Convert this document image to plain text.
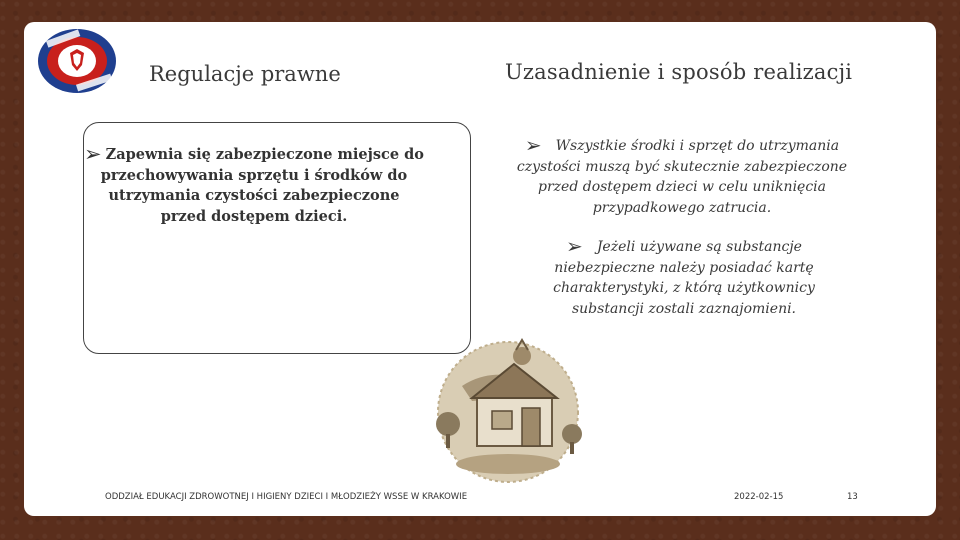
Regulacje prawne	Uzasadnienie i sposób realizacji
➢ Zapewnia się zabezpieczone miejsce do przechowywania sprzętu i środków do utrzymania czystości zabezpieczone przed dostępem dzieci.
➢ Wszystkie środki i sprzęt do utrzymania czystości muszą być skutecznie zabezpieczone przed dostępem dzieci w celu uniknięcia przypadkowego zatrucia.
➢ Jeżeli używane są substancje niebezpieczne należy posiadać kartę charakterystyki, z którą użytkownicy substancji zostali zaznajomieni.
ODDZIAŁ EDUKACJI ZDROWOTNEJ I HIGIENY DZIECI I MŁODZIEŻY WSSE W KRAKOWIE	2022-02-15	13
